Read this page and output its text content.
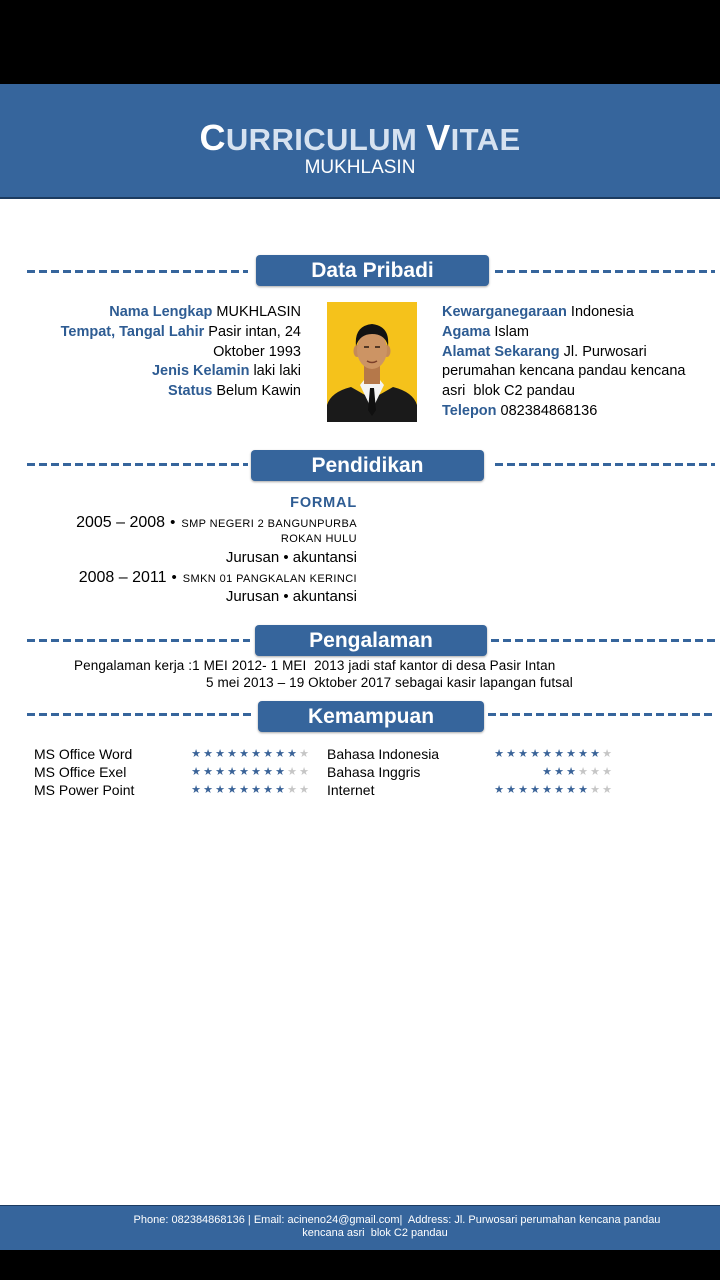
CURRICULUM VITAE
MUKHLASIN
Data Pribadi
Nama Lengkap MUKHLASIN
Tempat, Tangal Lahir Pasir intan, 24
Oktober 1993
Jenis Kelamin laki laki
Status Belum Kawin
Kewarganegaraan Indonesia
Agama Islam
Alamat Sekarang Jl. Purwosari
perumahan kencana pandau kencana
asri  blok C2 pandau
Telepon 082384868136
Pendidikan
FORMAL
2005 – 2008 • SMP NEGERI 2 BANGUNPURBA
ROKAN HULU
Jurusan • akuntansi
2008 – 2011 • SMKN 01 PANGKALAN KERINCI
Jurusan • akuntansi
Pengalaman
Pengalaman kerja :1 MEI 2012- 1 MEI  2013 jadi staf kantor di desa Pasir Intan
5 mei 2013 – 19 Oktober 2017 sebagai kasir lapangan futsal
Kemampuan
MS Office Word	★ ★ ★ ★ ★ ★ ★ ★ ★ ★
MS Office Exel	★ ★ ★ ★ ★ ★ ★ ★ ★ ★
MS Power Point	★ ★ ★ ★ ★ ★ ★ ★ ★ ★
Bahasa Indonesia	★ ★ ★ ★ ★ ★ ★ ★ ★ ★
Bahasa Inggris	★ ★ ★ ★ ★ ★
Internet	★ ★ ★ ★ ★ ★ ★ ★ ★ ★
Phone: 082384868136 | Email: acineno24@gmail.com|  Address: Jl. Purwosari perumahan kencana pandau
kencana asri  blok C2 pandau
